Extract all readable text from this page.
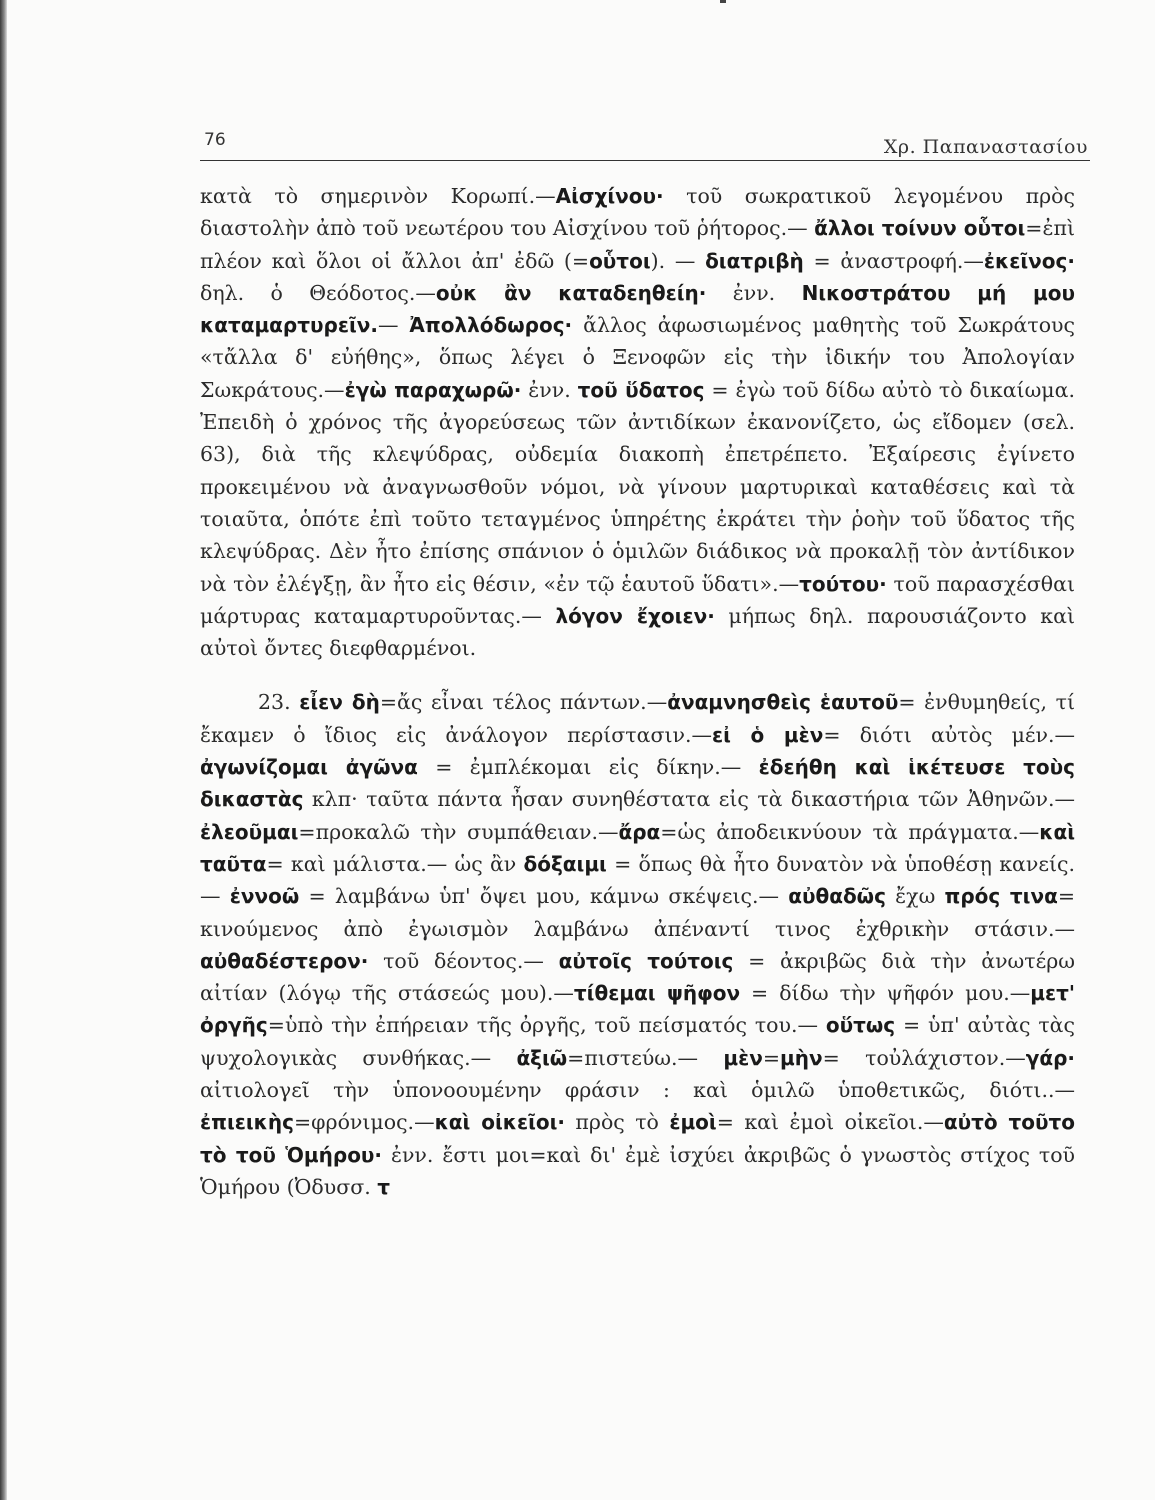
76	Χρ. Παπαναστασίου

κατὰ τὸ σημερινὸν Κορωπί.—Αἰσχίνου· τοῦ σωκρατικοῦ λεγομένου πρὸς διαστολὴν ἀπὸ τοῦ νεωτέρου του Αἰσχίνου τοῦ ῥήτορος.— ἄλλοι τοίνυν οὗτοι=ἐπὶ πλέον καὶ ὅλοι οἱ ἄλλοι ἀπ' ἐδῶ (=οὗτοι). — διατριβὴ = ἀναστροφή.—ἐκεῖνος· δηλ. ὁ Θεόδοτος.—οὐκ ἂν καταδεηθείη· ἐνν. Νικοστράτου μή μου καταμαρτυρεῖν.— Ἀπολλόδωρος· ἄλλος ἀφωσιωμένος μαθητὴς τοῦ Σωκράτους «τἄλλα δ' εὐήθης», ὅπως λέγει ὁ Ξενοφῶν εἰς τὴν ἰδικήν του Ἀπολογίαν Σωκράτους.—ἐγὼ παραχωρῶ· ἐνν. τοῦ ὕδατος = ἐγὼ τοῦ δίδω αὐτὸ τὸ δικαίωμα. Ἐπειδὴ ὁ χρόνος τῆς ἀγορεύσεως τῶν ἀντιδίκων ἐκανονίζετο, ὡς εἴδομεν (σελ. 63), διὰ τῆς κλεψύδρας, οὐδεμία διακοπὴ ἐπετρέπετο. Ἐξαίρεσις ἐγίνετο προκειμένου νὰ ἀναγνωσθοῦν νόμοι, νὰ γίνουν μαρτυρικαὶ καταθέσεις καὶ τὰ τοιαῦτα, ὁπότε ἐπὶ τοῦτο τεταγμένος ὑπηρέτης ἐκράτει τὴν ῥοὴν τοῦ ὕδατος τῆς κλεψύδρας. Δὲν ἦτο ἐπίσης σπάνιον ὁ ὁμιλῶν διάδικος νὰ προκαλῇ τὸν ἀντίδικον νὰ τὸν ἐλέγξῃ, ἂν ἦτο εἰς θέσιν, «ἐν τῷ ἑαυτοῦ ὕδατι».—τούτου· τοῦ παρασχέσθαι μάρτυρας καταμαρτυροῦντας.— λόγον ἔχοιεν· μήπως δηλ. παρουσιάζοντο καὶ αὐτοὶ ὄντες διεφθαρμένοι.

23. εἶεν δὴ=ἄς εἶναι τέλος πάντων.—ἀναμνησθεὶς ἑαυτοῦ= ἐνθυμηθείς, τί ἔκαμεν ὁ ἴδιος εἰς ἀνάλογον περίστασιν.—εἰ ὁ μὲν= διότι αὐτὸς μέν.— ἀγωνίζομαι ἀγῶνα = ἐμπλέκομαι εἰς δίκην.— ἐδεήθη καὶ ἱκέτευσε τοὺς δικαστὰς κλπ· ταῦτα πάντα ἦσαν συνηθέστατα εἰς τὰ δικαστήρια τῶν Ἀθηνῶν.—ἐλεοῦμαι=προκαλῶ τὴν συμπάθειαν.—ἄρα=ὡς ἀποδεικνύουν τὰ πράγματα.—καὶ ταῦτα= καὶ μάλιστα.— ὡς ἂν δόξαιμι = ὅπως θὰ ἦτο δυνατὸν νὰ ὑποθέσῃ κανείς.— ἐννοῶ = λαμβάνω ὑπ' ὄψει μου, κάμνω σκέψεις.— αὐθαδῶς ἔχω πρός τινα= κινούμενος ἀπὸ ἐγωισμὸν λαμβάνω ἀπέναντί τινος ἐχθρικὴν στάσιν.— αὐθαδέστερον· τοῦ δέοντος.— αὐτοῖς τούτοις = ἀκριβῶς διὰ τὴν ἀνωτέρω αἰτίαν (λόγῳ τῆς στάσεώς μου).—τίθεμαι ψῆφον = δίδω τὴν ψῆφόν μου.—μετ' ὀργῆς=ὑπὸ τὴν ἐπήρειαν τῆς ὀργῆς, τοῦ πείσματός του.— οὕτως = ὑπ' αὐτὰς τὰς ψυχολογικὰς συνθήκας.— ἀξιῶ=πιστεύω.— μὲν=μὴν= τοὐλάχιστον.—γάρ· αἰτιολογεῖ τὴν ὑπονοουμένην φράσιν : καὶ ὁμιλῶ ὑποθετικῶς, διότι..—ἐπιεικὴς=φρόνιμος.—καὶ οἰκεῖοι· πρὸς τὸ ἐμοὶ= καὶ ἐμοὶ οἰκεῖοι.—αὐτὸ τοῦτο τὸ τοῦ Ὁμήρου· ἐνν. ἔστι μοι=καὶ δι' ἐμὲ ἰσχύει ἀκριβῶς ὁ γνωστὸς στίχος τοῦ Ὁμήρου (Ὀδυσσ. τ
